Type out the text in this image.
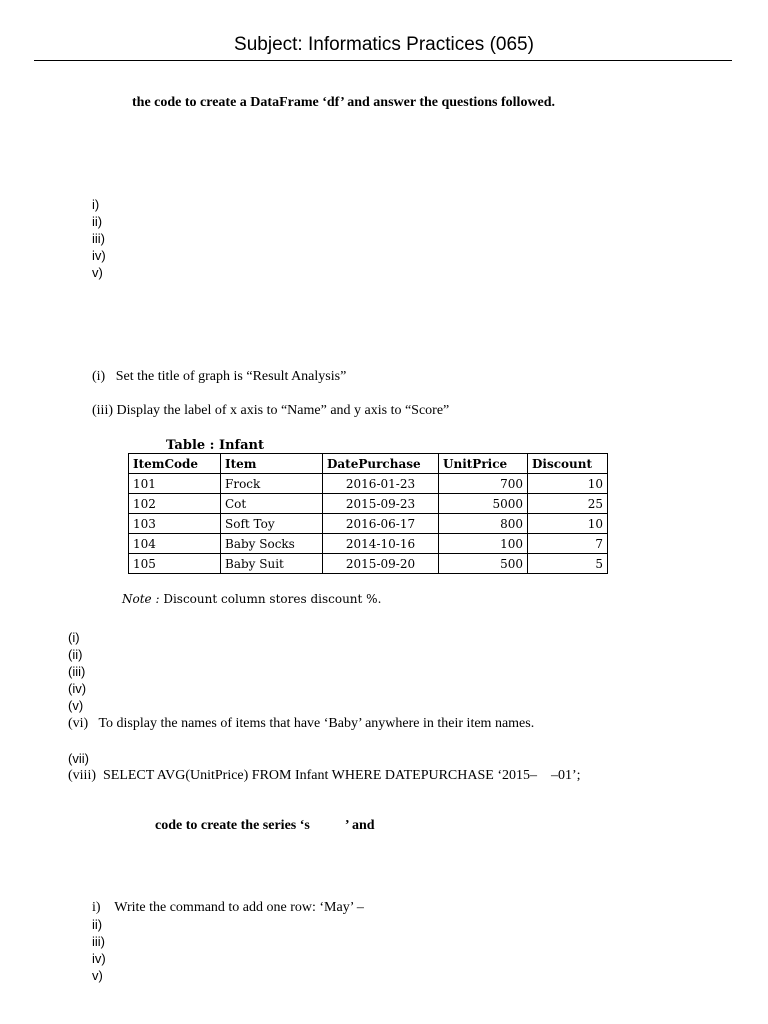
Subject: Informatics Practices (065)
the code to create a DataFrame ‘df’ and answer the questions followed.
i)
ii)
iii)
iv)
v)
(i)   Set the title of graph is “Result Analysis”
(iii) Display the label of x axis to “Name” and y axis to “Score”
Table : Infant
ItemCode	Item	DatePurchase	UnitPrice	Discount
101	Frock	2016-01-23	700	10
102	Cot	2015-09-23	5000	25
103	Soft Toy	2016-06-17	800	10
104	Baby Socks	2014-10-16	100	7
105	Baby Suit	2015-09-20	500	5
Note : Discount column stores discount %.
(i)
(ii)
(iii)
(iv)
(v)
(vi)   To display the names of items that have ‘Baby’ anywhere in their item names.
(vii)
(viii)  SELECT AVG(UnitPrice) FROM Infant WHERE DATEPURCHASE ‘2015–    –01’;
code to create the series ‘s          ’ and
i)    Write the command to add one row: ‘May’ –
ii)
iii)
iv)
v)
